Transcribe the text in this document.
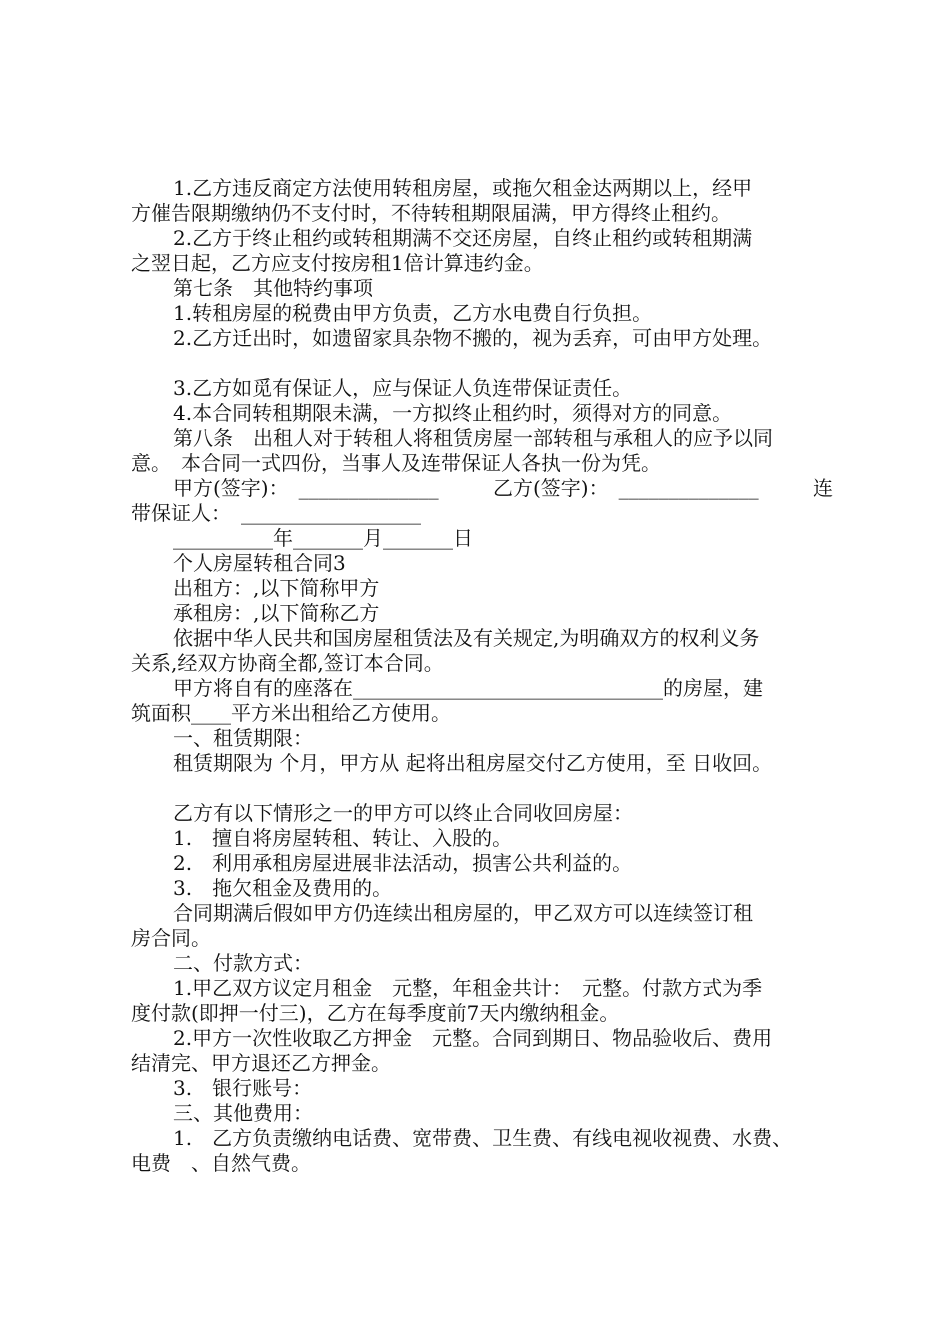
1.乙方违反商定方法使用转租房屋，或拖欠租金达两期以上，经甲
方催告限期缴纳仍不支付时，不待转租期限届满，甲方得终止租约。
2.乙方于终止租约或转租期满不交还房屋，自终止租约或转租期满
之翌日起，乙方应支付按房租1倍计算违约金。
第七条　其他特约事项
1.转租房屋的税费由甲方负责，乙方水电费自行负担。
2.乙方迁出时，如遗留家具杂物不搬的，视为丢弃，可由甲方处理。
3.乙方如觅有保证人，应与保证人负连带保证责任。
4.本合同转租期限未满，一方拟终止租约时，须得对方的同意。
第八条　出租人对于转租人将租赁房屋一部转租与承租人的应予以同
意。　本合同一式四份，当事人及连带保证人各执一份为凭。
甲方(签字)：　______________	乙方(签字)：　______________	连
带保证人：　__________________
__________年_______月_______日
个人房屋转租合同3
出租方：,以下简称甲方
承租房：,以下简称乙方
依据中华人民共和国房屋租赁法及有关规定,为明确双方的权利义务
关系,经双方协商全都,签订本合同。
甲方将自有的座落在_______________________________的房屋，建
筑面积____平方米出租给乙方使用。
一、租赁期限：
租赁期限为 个月，甲方从 起将出租房屋交付乙方使用，至 日收回。
乙方有以下情形之一的甲方可以终止合同收回房屋：
1.　擅自将房屋转租、转让、入股的。
2.　利用承租房屋进展非法活动，损害公共利益的。
3.　拖欠租金及费用的。
合同期满后假如甲方仍连续出租房屋的，甲乙双方可以连续签订租
房合同。
二、付款方式：
1.甲乙双方议定月租金　元整，年租金共计：　元整。付款方式为季
度付款(即押一付三)，乙方在每季度前7天内缴纳租金。
2.甲方一次性收取乙方押金　元整。合同到期日、物品验收后、费用
结清完、甲方退还乙方押金。
3.　银行账号：
三、其他费用：
1.　乙方负责缴纳电话费、宽带费、卫生费、有线电视收视费、水费、
电费　、自然气费。
